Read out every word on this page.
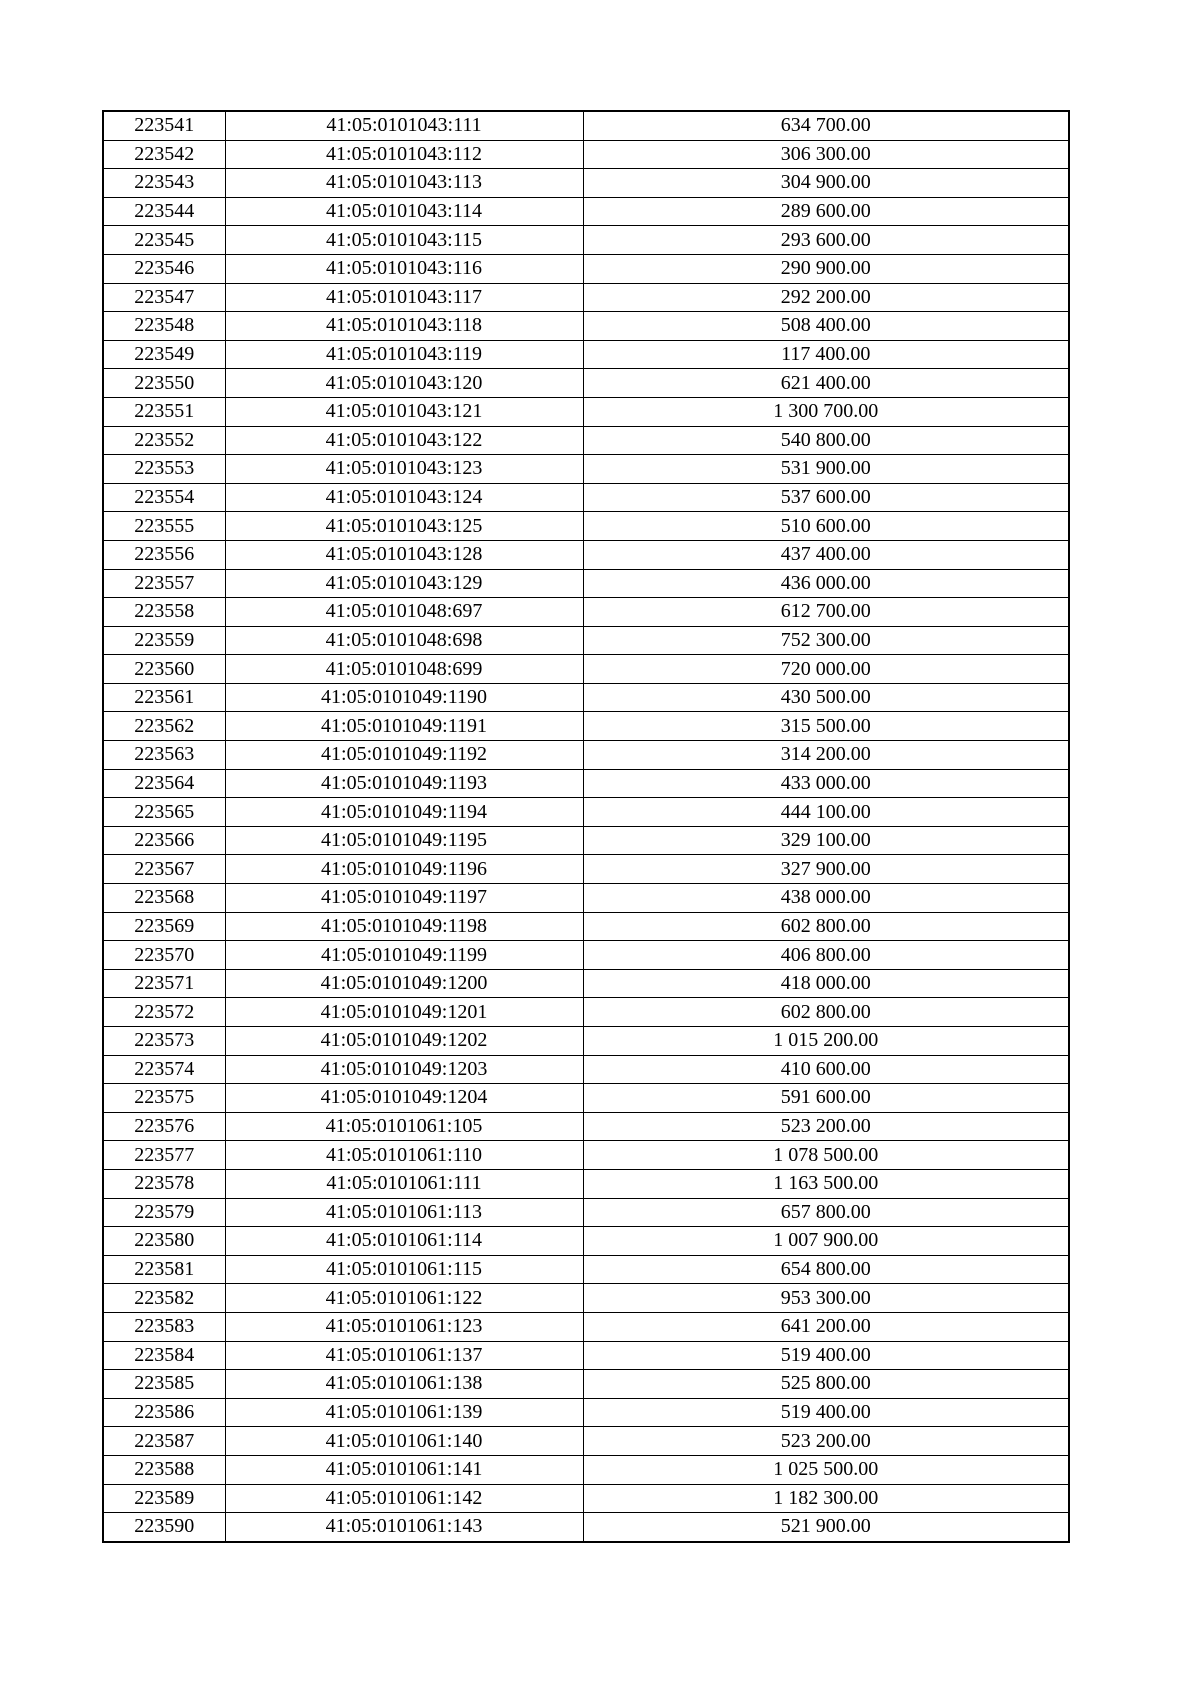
223541	41:05:0101043:111	634 700.00
223542	41:05:0101043:112	306 300.00
223543	41:05:0101043:113	304 900.00
223544	41:05:0101043:114	289 600.00
223545	41:05:0101043:115	293 600.00
223546	41:05:0101043:116	290 900.00
223547	41:05:0101043:117	292 200.00
223548	41:05:0101043:118	508 400.00
223549	41:05:0101043:119	117 400.00
223550	41:05:0101043:120	621 400.00
223551	41:05:0101043:121	1 300 700.00
223552	41:05:0101043:122	540 800.00
223553	41:05:0101043:123	531 900.00
223554	41:05:0101043:124	537 600.00
223555	41:05:0101043:125	510 600.00
223556	41:05:0101043:128	437 400.00
223557	41:05:0101043:129	436 000.00
223558	41:05:0101048:697	612 700.00
223559	41:05:0101048:698	752 300.00
223560	41:05:0101048:699	720 000.00
223561	41:05:0101049:1190	430 500.00
223562	41:05:0101049:1191	315 500.00
223563	41:05:0101049:1192	314 200.00
223564	41:05:0101049:1193	433 000.00
223565	41:05:0101049:1194	444 100.00
223566	41:05:0101049:1195	329 100.00
223567	41:05:0101049:1196	327 900.00
223568	41:05:0101049:1197	438 000.00
223569	41:05:0101049:1198	602 800.00
223570	41:05:0101049:1199	406 800.00
223571	41:05:0101049:1200	418 000.00
223572	41:05:0101049:1201	602 800.00
223573	41:05:0101049:1202	1 015 200.00
223574	41:05:0101049:1203	410 600.00
223575	41:05:0101049:1204	591 600.00
223576	41:05:0101061:105	523 200.00
223577	41:05:0101061:110	1 078 500.00
223578	41:05:0101061:111	1 163 500.00
223579	41:05:0101061:113	657 800.00
223580	41:05:0101061:114	1 007 900.00
223581	41:05:0101061:115	654 800.00
223582	41:05:0101061:122	953 300.00
223583	41:05:0101061:123	641 200.00
223584	41:05:0101061:137	519 400.00
223585	41:05:0101061:138	525 800.00
223586	41:05:0101061:139	519 400.00
223587	41:05:0101061:140	523 200.00
223588	41:05:0101061:141	1 025 500.00
223589	41:05:0101061:142	1 182 300.00
223590	41:05:0101061:143	521 900.00
